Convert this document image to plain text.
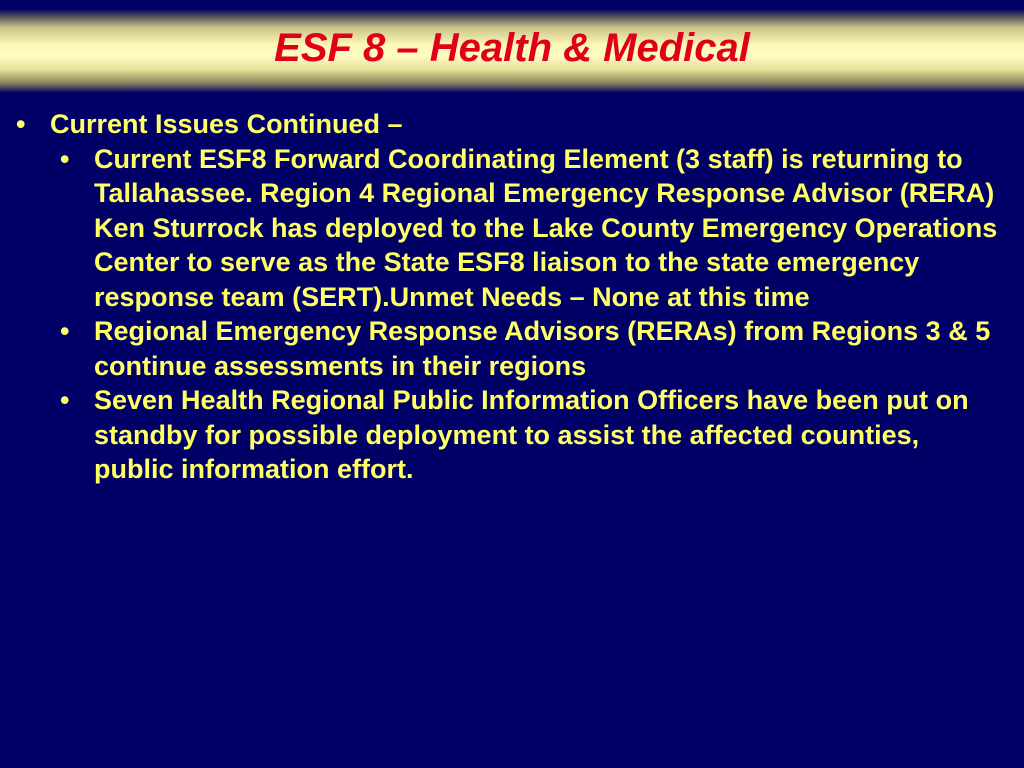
ESF 8 – Health & Medical
• Current Issues Continued –
• Current ESF8 Forward Coordinating Element (3 staff) is returning to Tallahassee. Region 4 Regional Emergency Response Advisor (RERA) Ken Sturrock has deployed to the Lake County Emergency Operations Center to serve as the State ESF8 liaison to the state emergency response team (SERT).Unmet Needs – None at this time
• Regional Emergency Response Advisors (RERAs) from Regions 3 & 5 continue assessments in their regions
• Seven Health Regional Public Information Officers have been put on standby for possible deployment to assist the affected counties, public information effort.
